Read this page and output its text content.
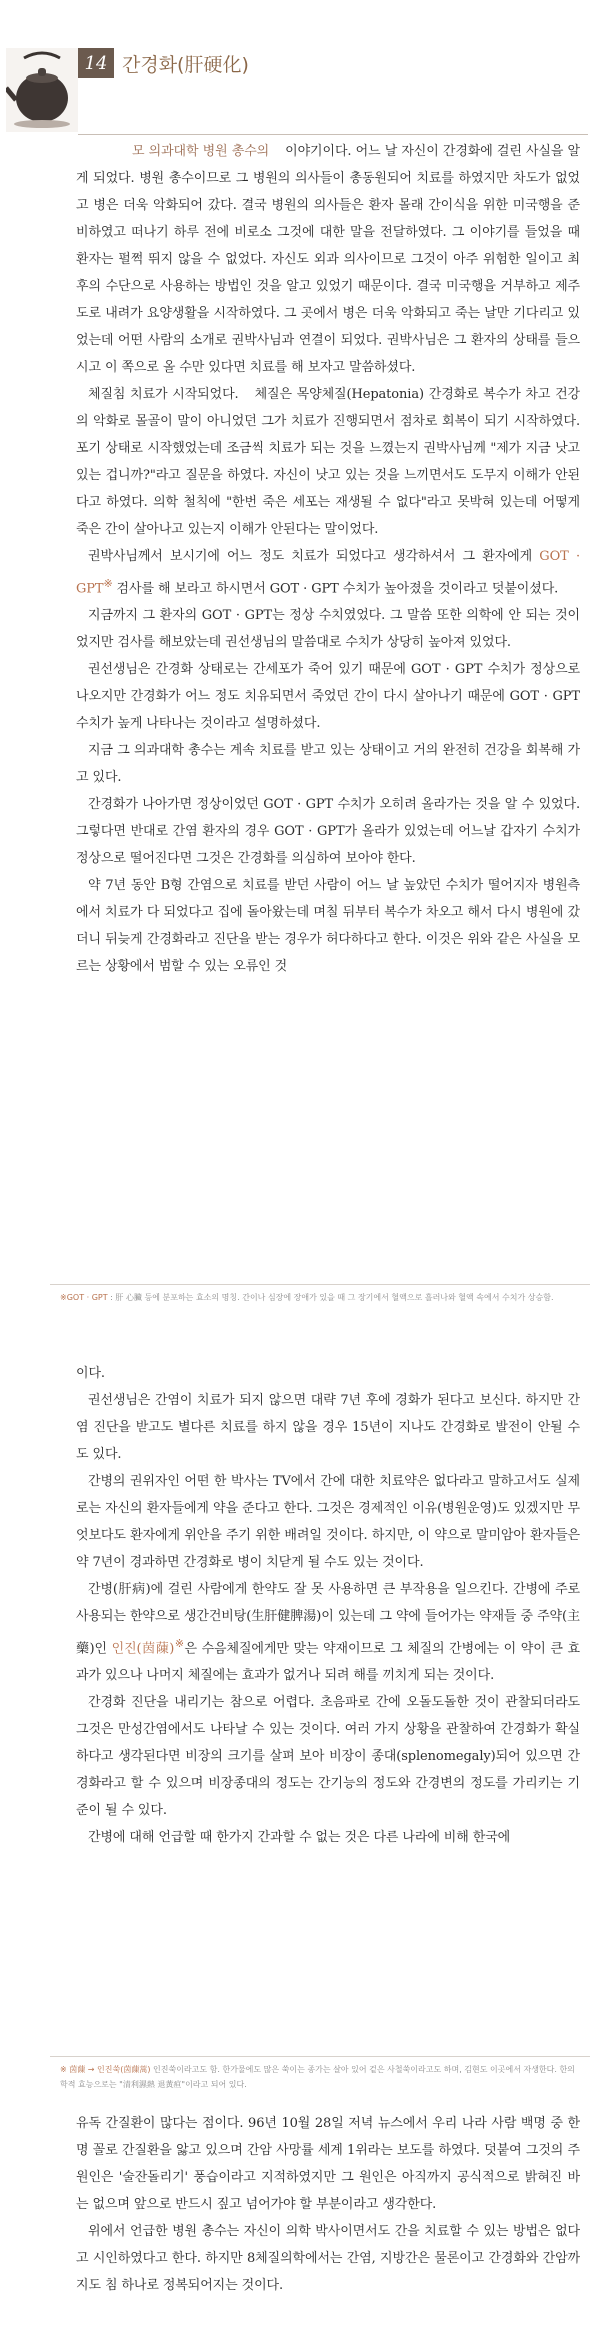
14 간경화(肝硬化)

모 의과대학 병원 총수의 이야기이다. 어느 날 자신이 간경화에 걸린 사실을 알게 되었다. 병원 총수이므로 그 병원의 의사들이 총동원되어 치료를 하였지만 차도가 없었고 병은 더욱 악화되어 갔다. 결국 병원의 의사들은 환자 몰래 간이식을 위한 미국행을 준비하였고 떠나기 하루 전에 비로소 그것에 대한 말을 전달하였다. 그 이야기를 들었을 때 환자는 펄쩍 뛰지 않을 수 없었다. 자신도 외과 의사이므로 그것이 아주 위험한 일이고 최후의 수단으로 사용하는 방법인 것을 알고 있었기 때문이다. 결국 미국행을 거부하고 제주도로 내려가 요양생활을 시작하였다. 그 곳에서 병은 더욱 악화되고 죽는 날만 기다리고 있었는데 어떤 사람의 소개로 권박사님과 연결이 되었다. 권박사님은 그 환자의 상태를 들으시고 이 쪽으로 올 수만 있다면 치료를 해 보자고 말씀하셨다.

체질침 치료가 시작되었다. 체질은 목양체질(Hepatonia) 간경화로 복수가 차고 건강의 악화로 몰골이 말이 아니었던 그가 치료가 진행되면서 점차로 회복이 되기 시작하였다. 포기 상태로 시작했었는데 조금씩 치료가 되는 것을 느꼈는지 권박사님께 "제가 지금 낫고 있는 겁니까?"라고 질문을 하였다. 자신이 낫고 있는 것을 느끼면서도 도무지 이해가 안된다고 하였다. 의학 철칙에 "한번 죽은 세포는 재생될 수 없다"라고 못박혀 있는데 어떻게 죽은 간이 살아나고 있는지 이해가 안된다는 말이었다.

권박사님께서 보시기에 어느 정도 치료가 되었다고 생각하셔서 그 환자에게 GOT · GPT※ 검사를 해 보라고 하시면서 GOT · GPT 수치가 높아졌을 것이라고 덧붙이셨다.

지금까지 그 환자의 GOT · GPT는 정상 수치였었다. 그 말씀 또한 의학에 안 되는 것이었지만 검사를 해보았는데 권선생님의 말씀대로 수치가 상당히 높아져 있었다.

권선생님은 간경화 상태로는 간세포가 죽어 있기 때문에 GOT · GPT 수치가 정상으로 나오지만 간경화가 어느 정도 치유되면서 죽었던 간이 다시 살아나기 때문에 GOT · GPT 수치가 높게 나타나는 것이라고 설명하셨다.

지금 그 의과대학 총수는 계속 치료를 받고 있는 상태이고 거의 완전히 건강을 회복해 가고 있다.

간경화가 나아가면 정상이었던 GOT · GPT 수치가 오히려 올라가는 것을 알 수 있었다. 그렇다면 반대로 간염 환자의 경우 GOT · GPT가 올라가 있었는데 어느날 갑자기 수치가 정상으로 떨어진다면 그것은 간경화를 의심하여 보아야 한다.

약 7년 동안 B형 간염으로 치료를 받던 사람이 어느 날 높았던 수치가 떨어지자 병원측에서 치료가 다 되었다고 집에 돌아왔는데 며칠 뒤부터 복수가 차오고 해서 다시 병원에 갔더니 뒤늦게 간경화라고 진단을 받는 경우가 허다하다고 한다. 이것은 위와 같은 사실을 모르는 상황에서 범할 수 있는 오류인 것

※GOT · GPT : 肝 心臟 등에 분포하는 효소의 명칭. 간이나 심장에 장애가 있을 때 그 장기에서 혈액으로 흘러나와 혈액 속에서 수치가 상승함.

이다.

권선생님은 간염이 치료가 되지 않으면 대략 7년 후에 경화가 된다고 보신다. 하지만 간염 진단을 받고도 별다른 치료를 하지 않을 경우 15년이 지나도 간경화로 발전이 안될 수도 있다.

간병의 권위자인 어떤 한 박사는 TV에서 간에 대한 치료약은 없다라고 말하고서도 실제로는 자신의 환자들에게 약을 준다고 한다. 그것은 경제적인 이유(병원운영)도 있겠지만 무엇보다도 환자에게 위안을 주기 위한 배려일 것이다. 하지만, 이 약으로 말미암아 환자들은 약 7년이 경과하면 간경화로 병이 치닫게 될 수도 있는 것이다.

간병(肝病)에 걸린 사람에게 한약도 잘 못 사용하면 큰 부작용을 일으킨다. 간병에 주로 사용되는 한약으로 생간건비탕(生肝健脾湯)이 있는데 그 약에 들어가는 약재들 중 주약(主藥)인 인진(茵蔯)※은 수음체질에게만 맞는 약재이므로 그 체질의 간병에는 이 약이 큰 효과가 있으나 나머지 체질에는 효과가 없거나 되려 해를 끼치게 되는 것이다.

간경화 진단을 내리기는 참으로 어렵다. 초음파로 간에 오돌도돌한 것이 관찰되더라도 그것은 만성간염에서도 나타날 수 있는 것이다. 여러 가지 상황을 관찰하여 간경화가 확실하다고 생각된다면 비장의 크기를 살펴 보아 비장이 종대(splenomegaly)되어 있으면 간경화라고 할 수 있으며 비장종대의 정도는 간기능의 정도와 간경변의 정도를 가리키는 기준이 될 수 있다.

간병에 대해 언급할 때 한가지 간과할 수 없는 것은 다른 나라에 비해 한국에

※ 茵蔯 → 인진쑥(茵蔯蒿) 인진쑥이라고도 함. 한가물에도 많은 쑥이는 종가는 살아 있어 겉은 사철쑥이라고도 하며, 김현도 이곳에서 자생한다. 한의학적 효능으로는 "清利濕熱 退黃疸"이라고 되어 있다.

유독 간질환이 많다는 점이다. 96년 10월 28일 저녁 뉴스에서 우리 나라 사람 백명 중 한명 꼴로 간질환을 앓고 있으며 간암 사망률 세계 1위라는 보도를 하였다. 덧붙여 그것의 주원인은 '술잔돌리기' 풍습이라고 지적하였지만 그 원인은 아직까지 공식적으로 밝혀진 바는 없으며 앞으로 반드시 짚고 넘어가야 할 부분이라고 생각한다.

위에서 언급한 병원 총수는 자신이 의학 박사이면서도 간을 치료할 수 있는 방법은 없다고 시인하였다고 한다. 하지만 8체질의학에서는 간염, 지방간은 물론이고 간경화와 간암까지도 침 하나로 정복되어지는 것이다.
